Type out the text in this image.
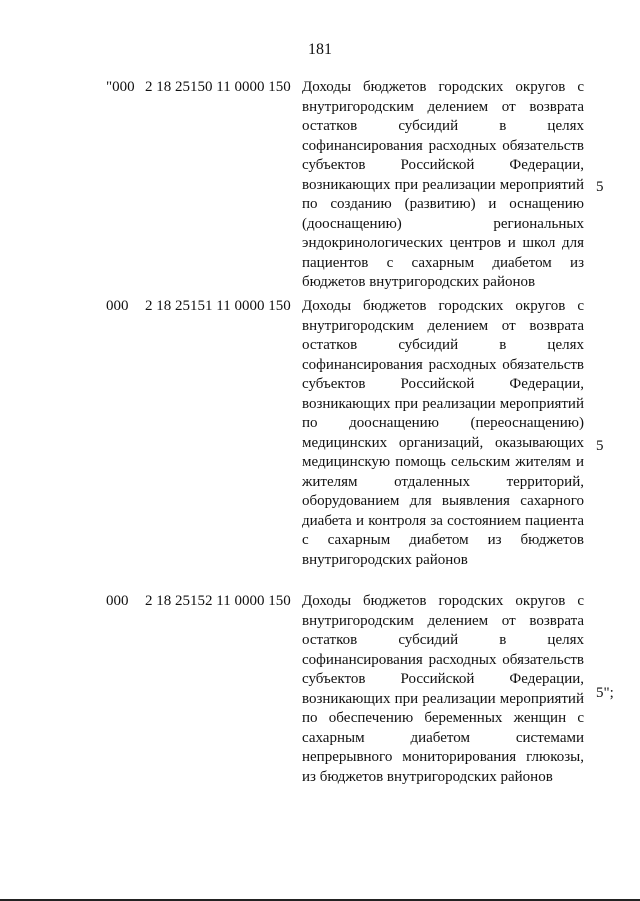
181
"000 2 18 25150 11 0000 150 Доходы бюджетов городских округов с внутригородским делением от возврата остатков субсидий в целях софинансирования расходных обязательств субъектов Российской Федерации, возникающих при реализации мероприятий по созданию (развитию) и оснащению (дооснащению) региональных эндокринологических центров и школ для пациентов с сахарным диабетом из бюджетов внутригородских районов
5
000	2 18 25151 11 0000 150 Доходы бюджетов городских округов с внутригородским делением от возврата остатков субсидий в целях софинансирования расходных обязательств субъектов Российской Федерации, возникающих при реализации мероприятий по дооснащению (переоснащению) медицинских организаций, оказывающих медицинскую помощь сельским жителям и жителям отдаленных территорий, оборудованием для выявления сахарного диабета и контроля за состоянием пациента с сахарным диабетом из бюджетов внутригородских районов
5
000	2 18 25152 11 0000 150 Доходы бюджетов городских округов с внутригородским делением от возврата остатков субсидий в целях софинансирования расходных обязательств субъектов Российской Федерации, возникающих при реализации мероприятий по обеспечению беременных женщин с сахарным диабетом системами непрерывного мониторирования глюкозы, из бюджетов внутригородских районов
5";
